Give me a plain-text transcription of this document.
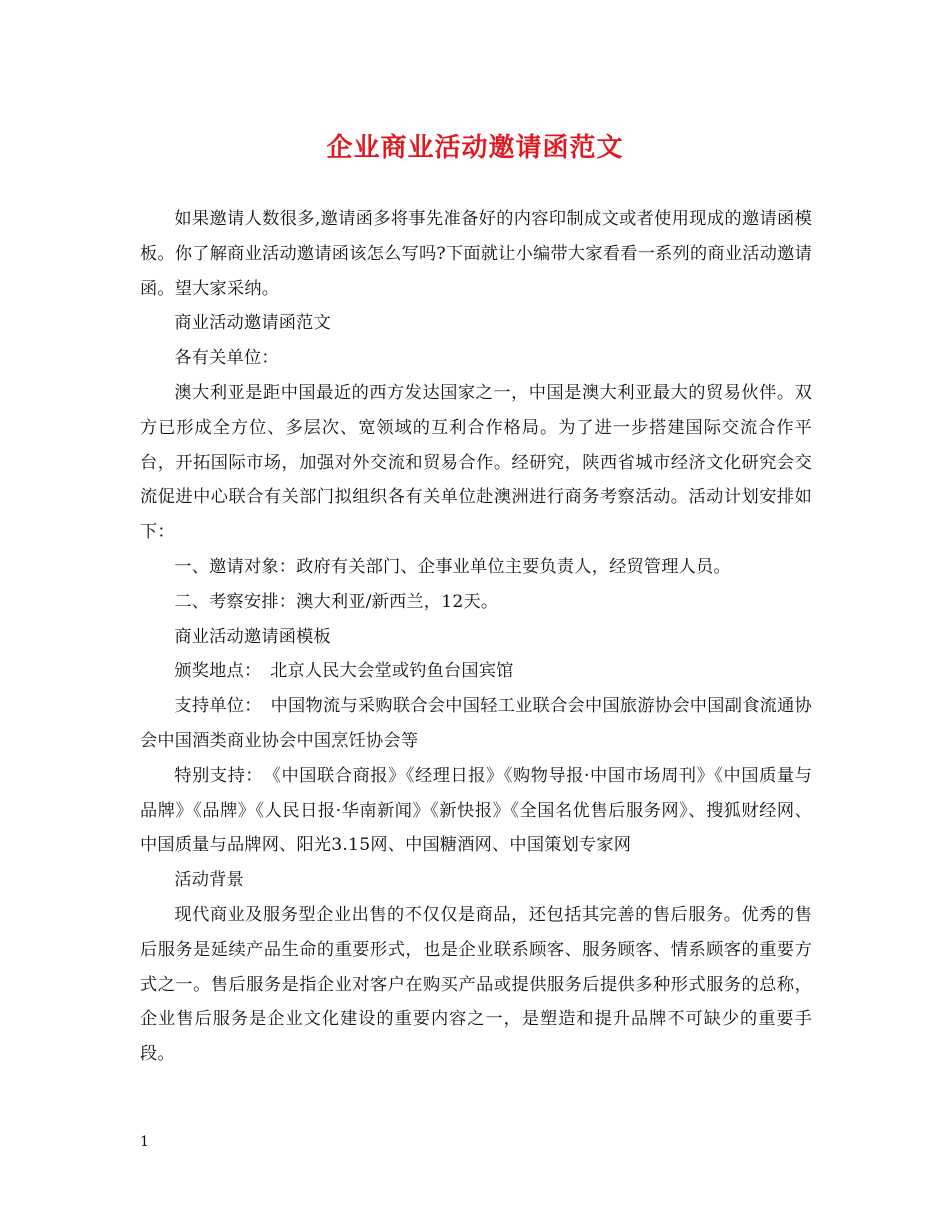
企业商业活动邀请函范文

如果邀请人数很多,邀请函多将事先准备好的内容印制成文或者使用现成的邀请函模板。你了解商业活动邀请函该怎么写吗?下面就让小编带大家看看一系列的商业活动邀请函。望大家采纳。

商业活动邀请函范文

各有关单位：

澳大利亚是距中国最近的西方发达国家之一，中国是澳大利亚最大的贸易伙伴。双方已形成全方位、多层次、宽领域的互利合作格局。为了进一步搭建国际交流合作平台，开拓国际市场，加强对外交流和贸易合作。经研究，陕西省城市经济文化研究会交流促进中心联合有关部门拟组织各有关单位赴澳洲进行商务考察活动。活动计划安排如下：

一、邀请对象：政府有关部门、企事业单位主要负责人，经贸管理人员。

二、考察安排：澳大利亚/新西兰，12天。

商业活动邀请函模板

颁奖地点：　北京人民大会堂或钓鱼台国宾馆

支持单位：　中国物流与采购联合会中国轻工业联合会中国旅游协会中国副食流通协会中国酒类商业协会中国烹饪协会等

特别支持：　《中国联合商报》《经理日报》《购物导报·中国市场周刊》《中国质量与品牌》《品牌》《人民日报·华南新闻》《新快报》《全国名优售后服务网》、搜狐财经网、中国质量与品牌网、阳光3.15网、中国糖酒网、中国策划专家网

活动背景

现代商业及服务型企业出售的不仅仅是商品，还包括其完善的售后服务。优秀的售后服务是延续产品生命的重要形式，也是企业联系顾客、服务顾客、情系顾客的重要方式之一。售后服务是指企业对客户在购买产品或提供服务后提供多种形式服务的总称，企业售后服务是企业文化建设的重要内容之一，是塑造和提升品牌不可缺少的重要手段。

1
